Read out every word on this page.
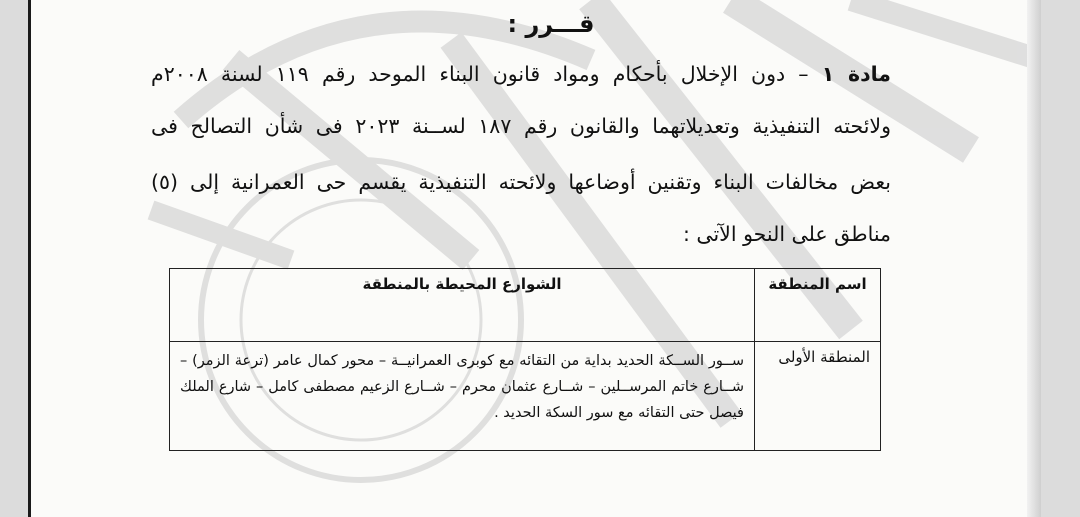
قـــرر :
مادة ١ – دون الإخلال بأحكام ومواد قانون البناء الموحد رقم ١١٩ لسنة ٢٠٠٨م
ولائحته التنفيذية وتعديلاتهما والقانون رقم ١٨٧ لســنة ٢٠٢٣ فى شأن التصالح فى
بعض مخالفات البناء وتقنين أوضاعها ولائحته التنفيذية يقسم حى العمرانية إلى (٥)
مناطق على النحو الآتى :
اسم المنطقة	الشوارع المحيطة بالمنطقة
المنطقة الأولى	ســور الســكة الحديد بداية من التقائه مع كوبرى العمرانيــة – محور كمال عامر (ترعة الزمر) – شــارع خاتم المرســلين – شــارع عثمان محرم – شــارع الزعيم مصطفى كامل – شارع الملك فيصل حتى التقائه مع سور السكة الحديد .
